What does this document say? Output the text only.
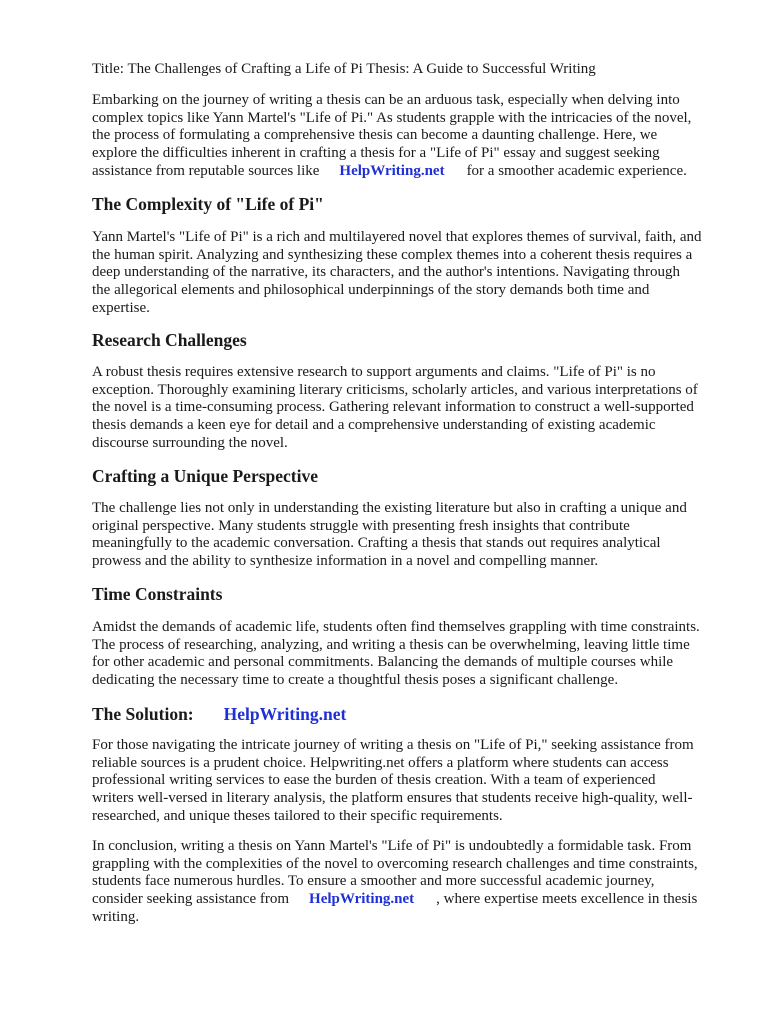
Title: The Challenges of Crafting a Life of Pi Thesis: A Guide to Successful Writing

Embarking on the journey of writing a thesis can be an arduous task, especially when delving into
complex topics like Yann Martel's "Life of Pi." As students grapple with the intricacies of the novel,
the process of formulating a comprehensive thesis can become a daunting challenge. Here, we
explore the difficulties inherent in crafting a thesis for a "Life of Pi" essay and suggest seeking
assistance from reputable sources like HelpWriting.net for a smoother academic experience.

The Complexity of "Life of Pi"

Yann Martel's "Life of Pi" is a rich and multilayered novel that explores themes of survival, faith, and
the human spirit. Analyzing and synthesizing these complex themes into a coherent thesis requires a
deep understanding of the narrative, its characters, and the author's intentions. Navigating through
the allegorical elements and philosophical underpinnings of the story demands both time and
expertise.

Research Challenges

A robust thesis requires extensive research to support arguments and claims. "Life of Pi" is no
exception. Thoroughly examining literary criticisms, scholarly articles, and various interpretations of
the novel is a time-consuming process. Gathering relevant information to construct a well-supported
thesis demands a keen eye for detail and a comprehensive understanding of existing academic
discourse surrounding the novel.

Crafting a Unique Perspective

The challenge lies not only in understanding the existing literature but also in crafting a unique and
original perspective. Many students struggle with presenting fresh insights that contribute
meaningfully to the academic conversation. Crafting a thesis that stands out requires analytical
prowess and the ability to synthesize information in a novel and compelling manner.

Time Constraints

Amidst the demands of academic life, students often find themselves grappling with time constraints.
The process of researching, analyzing, and writing a thesis can be overwhelming, leaving little time
for other academic and personal commitments. Balancing the demands of multiple courses while
dedicating the necessary time to create a thoughtful thesis poses a significant challenge.

The Solution: HelpWriting.net

For those navigating the intricate journey of writing a thesis on "Life of Pi," seeking assistance from
reliable sources is a prudent choice. Helpwriting.net offers a platform where students can access
professional writing services to ease the burden of thesis creation. With a team of experienced
writers well-versed in literary analysis, the platform ensures that students receive high-quality, well-
researched, and unique theses tailored to their specific requirements.

In conclusion, writing a thesis on Yann Martel's "Life of Pi" is undoubtedly a formidable task. From
grappling with the complexities of the novel to overcoming research challenges and time constraints,
students face numerous hurdles. To ensure a smoother and more successful academic journey,
consider seeking assistance from HelpWriting.net , where expertise meets excellence in thesis
writing.
